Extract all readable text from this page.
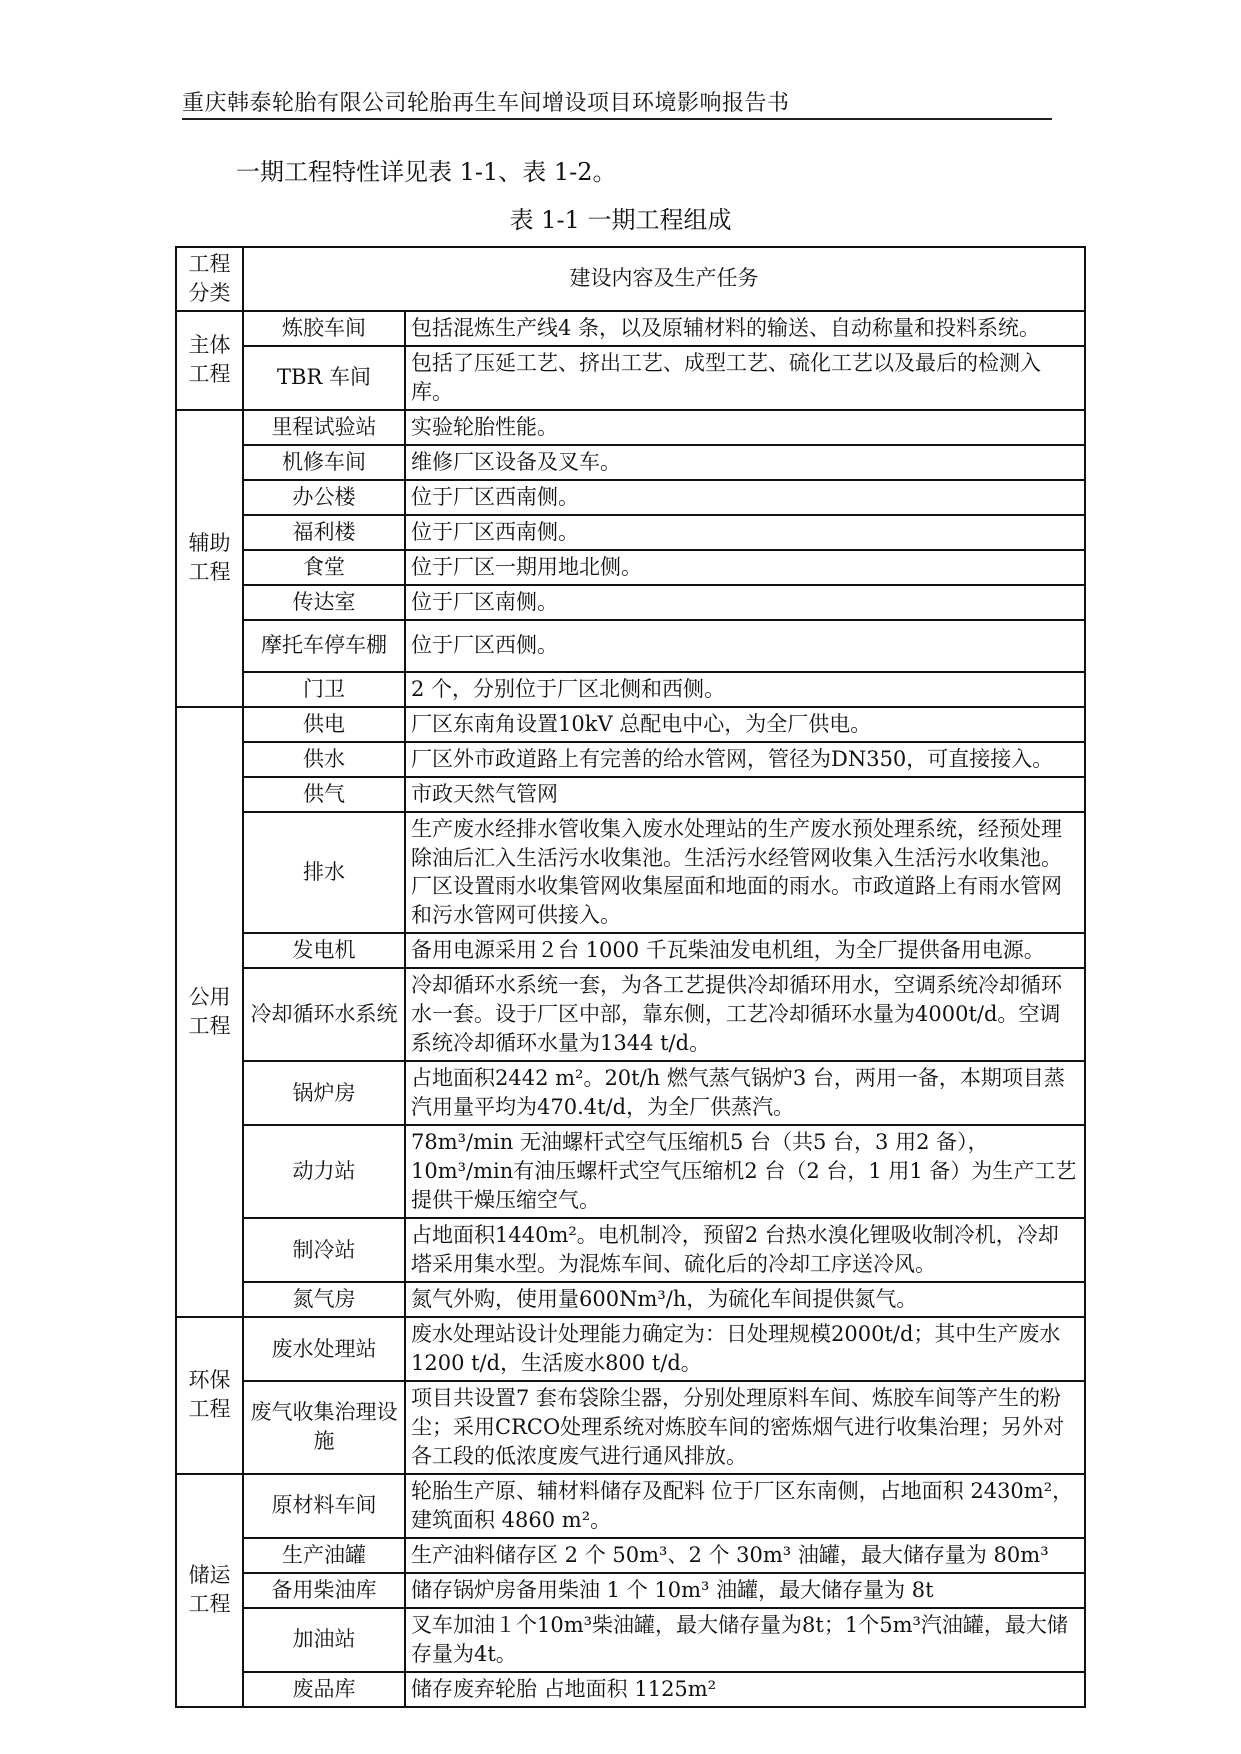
重庆韩泰轮胎有限公司轮胎再生车间增设项目环境影响报告书
一期工程特性详见表 1-1、表 1-2。
表 1-1 一期工程组成
工程分类	建设内容及生产任务	
主体工程	炼胶车间	包括混炼生产线4 条，以及原辅材料的输送、自动称量和投料系统。
	TBR 车间	包括了压延工艺、挤出工艺、成型工艺、硫化工艺以及最后的检测入库。
辅助工程	里程试验站	实验轮胎性能。
	机修车间	维修厂区设备及叉车。
	办公楼	位于厂区西南侧。
	福利楼	位于厂区西南侧。
	食堂	位于厂区一期用地北侧。
	传达室	位于厂区南侧。
	摩托车停车棚	位于厂区西侧。
	门卫	2 个，分别位于厂区北侧和西侧。
公用工程	供电	厂区东南角设置10kV 总配电中心，为全厂供电。
	供水	厂区外市政道路上有完善的给水管网，管径为DN350，可直接接入。
	供气	市政天然气管网
	排水	生产废水经排水管收集入废水处理站的生产废水预处理系统，经预处理除油后汇入生活污水收集池。生活污水经管网收集入生活污水收集池。厂区设置雨水收集管网收集屋面和地面的雨水。市政道路上有雨水管网和污水管网可供接入。
	发电机	备用电源采用２台 1000 千瓦柴油发电机组，为全厂提供备用电源。
	冷却循环水系统	冷却循环水系统一套，为各工艺提供冷却循环用水，空调系统冷却循环水一套。设于厂区中部，靠东侧，工艺冷却循环水量为4000t/d。空调系统冷却循环水量为1344 t/d。
	锅炉房	占地面积2442 m²。20t/h 燃气蒸气锅炉3 台，两用一备，本期项目蒸汽用量平均为470.4t/d，为全厂供蒸汽。
	动力站	78m³/min 无油螺杆式空气压缩机5 台（共5 台，3 用2 备），10m³/min有油压螺杆式空气压缩机2 台（2 台，1 用1 备）为生产工艺提供干燥压缩空气。
	制冷站	占地面积1440m²。电机制冷，预留2 台热水溴化锂吸收制冷机，冷却塔采用集水型。为混炼车间、硫化后的冷却工序送冷风。
	氮气房	氮气外购，使用量600Nm³/h，为硫化车间提供氮气。
环保工程	废水处理站	废水处理站设计处理能力确定为：日处理规模2000t/d；其中生产废水1200 t/d，生活废水800 t/d。
	废气收集治理设施	项目共设置7 套布袋除尘器，分别处理原料车间、炼胶车间等产生的粉尘；采用CRCO处理系统对炼胶车间的密炼烟气进行收集治理；另外对各工段的低浓度废气进行通风排放。
储运工程	原材料车间	轮胎生产原、辅材料储存及配料 位于厂区东南侧，占地面积 2430m²，建筑面积 4860 m²。
	生产油罐	生产油料储存区 2 个 50m³、2 个 30m³ 油罐，最大储存量为 80m³
	备用柴油库	储存锅炉房备用柴油 1 个 10m³ 油罐，最大储存量为 8t
	加油站	叉车加油１个10m³柴油罐，最大储存量为8t；1个5m³汽油罐，最大储存量为4t。
	废品库	储存废弃轮胎 占地面积 1125m²
